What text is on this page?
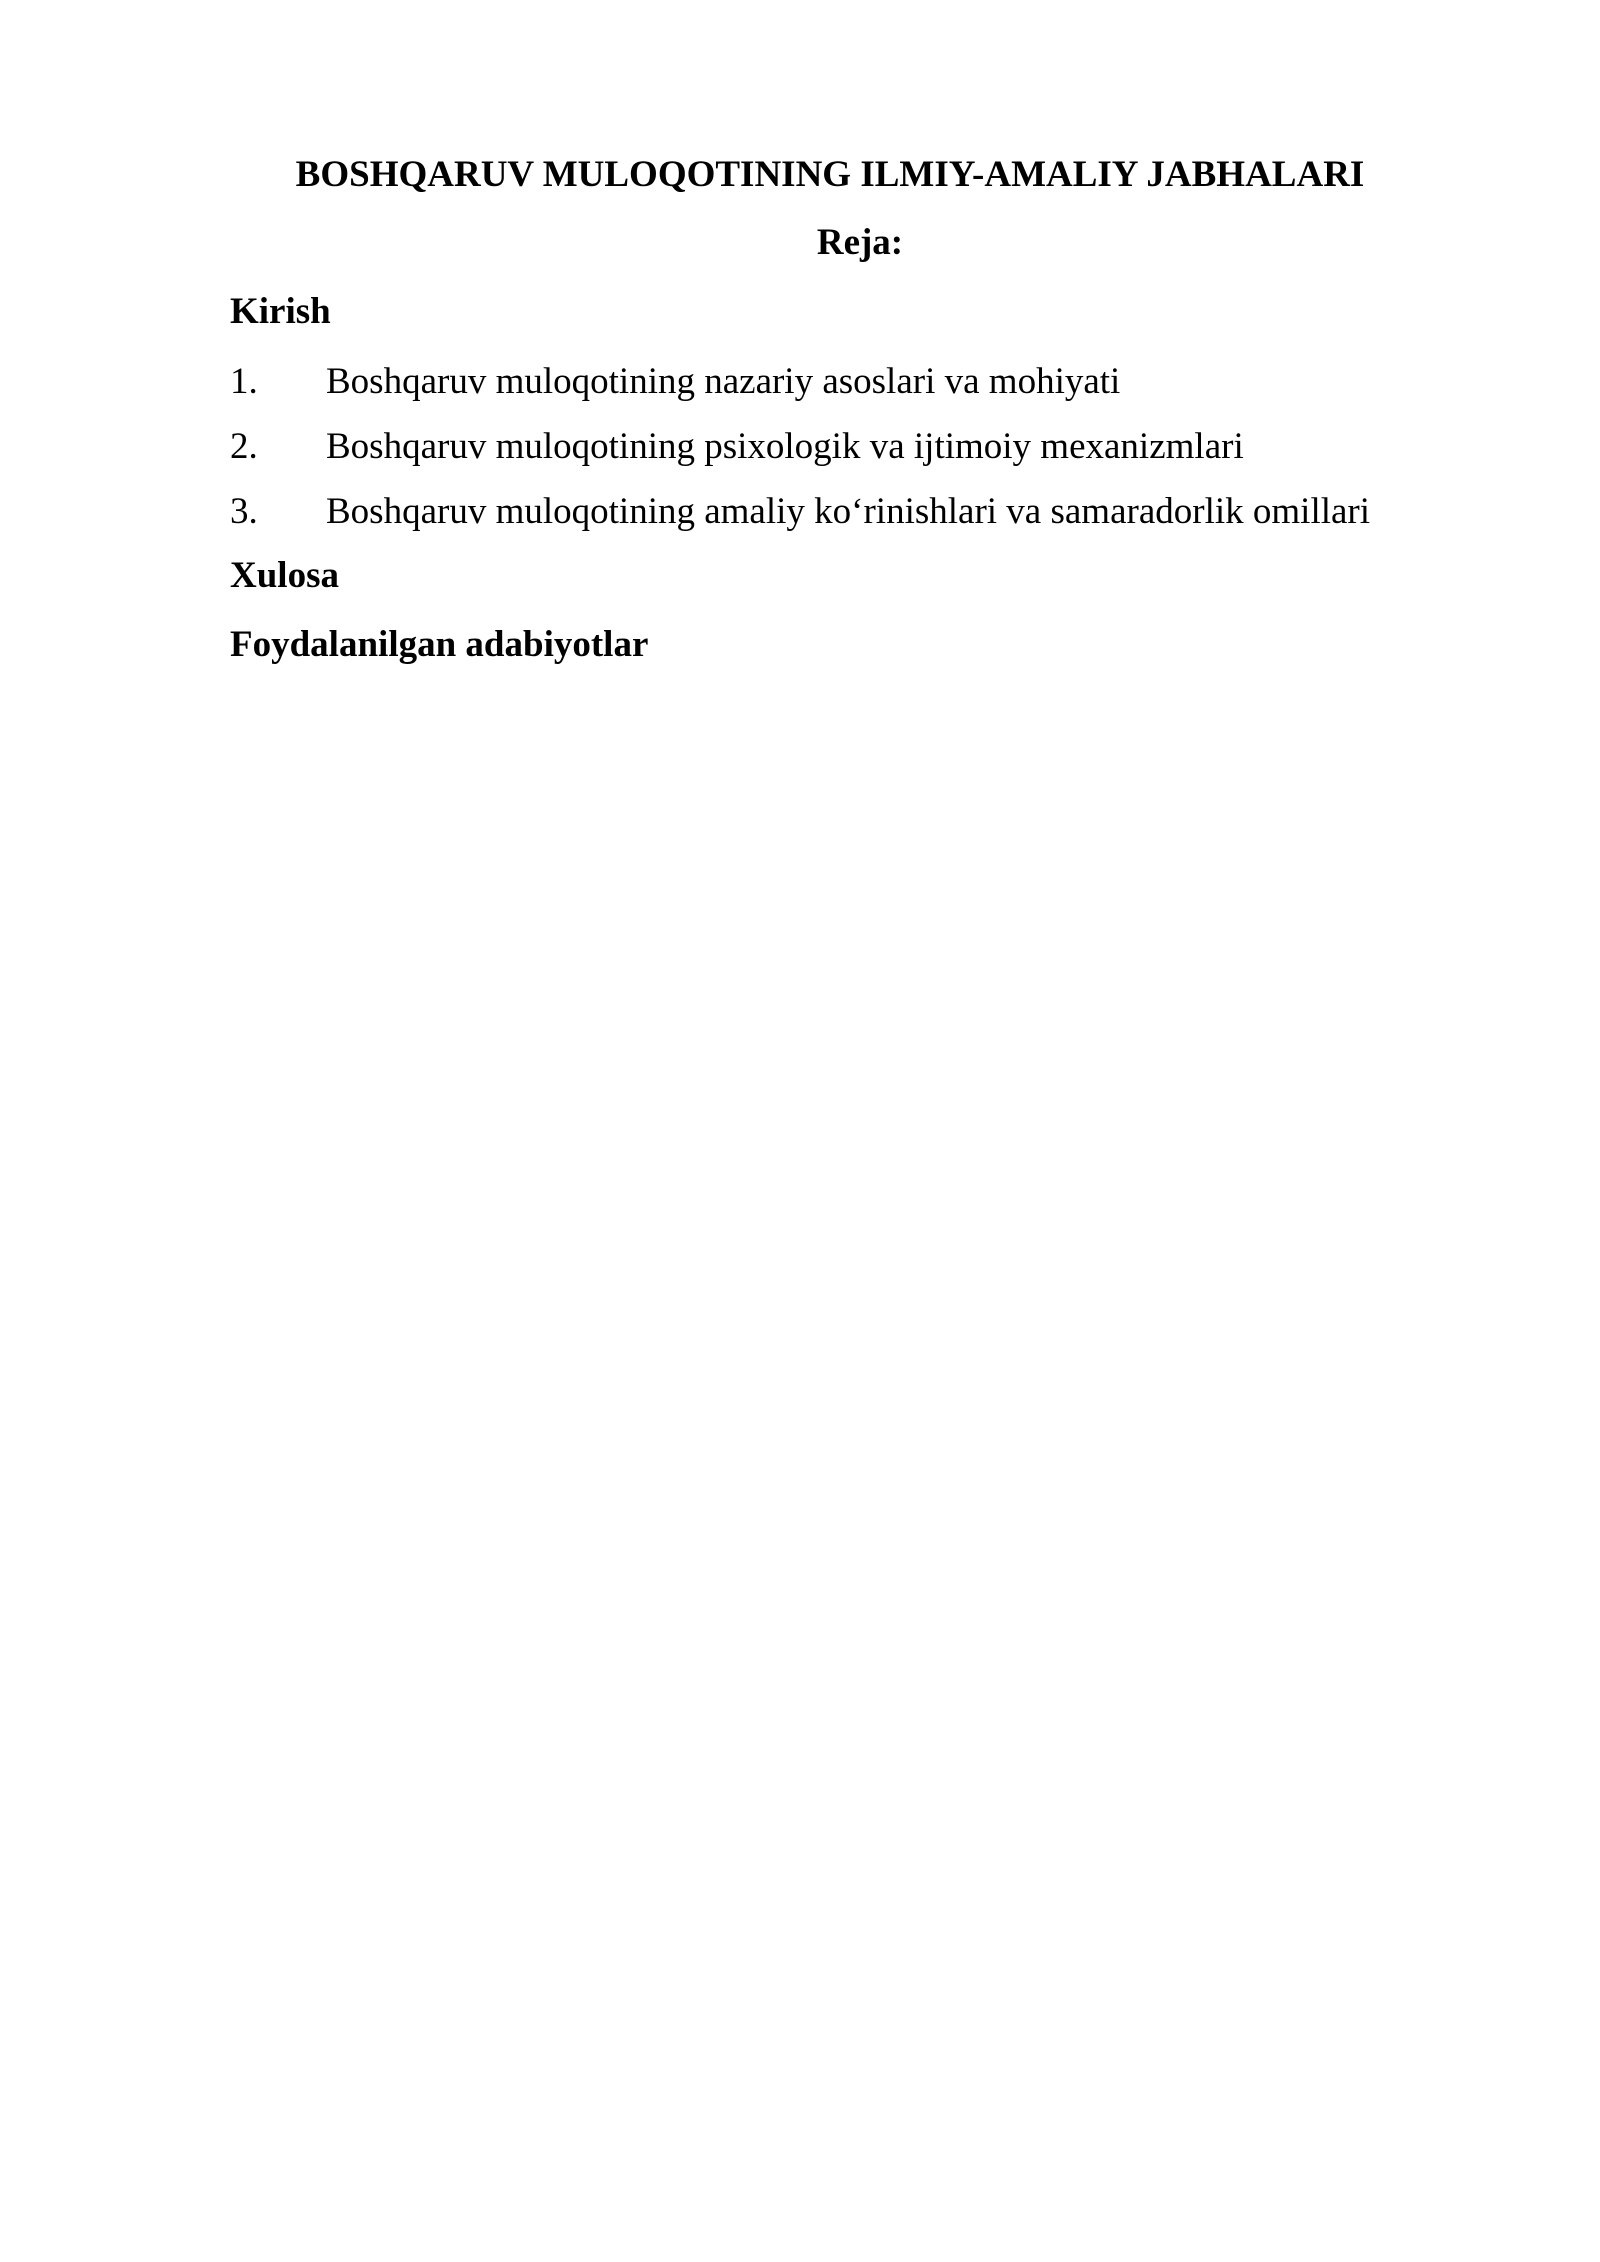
BOSHQARUV MULOQOTINING ILMIY-AMALIY JABHALARI
Reja:

Kirish

1.	Boshqaruv muloqotining nazariy asoslari va mohiyati
2.	Boshqaruv muloqotining psixologik va ijtimoiy mexanizmlari
3.	Boshqaruv muloqotining amaliy ko‘rinishlari va samaradorlik omillari

Xulosa

Foydalanilgan adabiyotlar
